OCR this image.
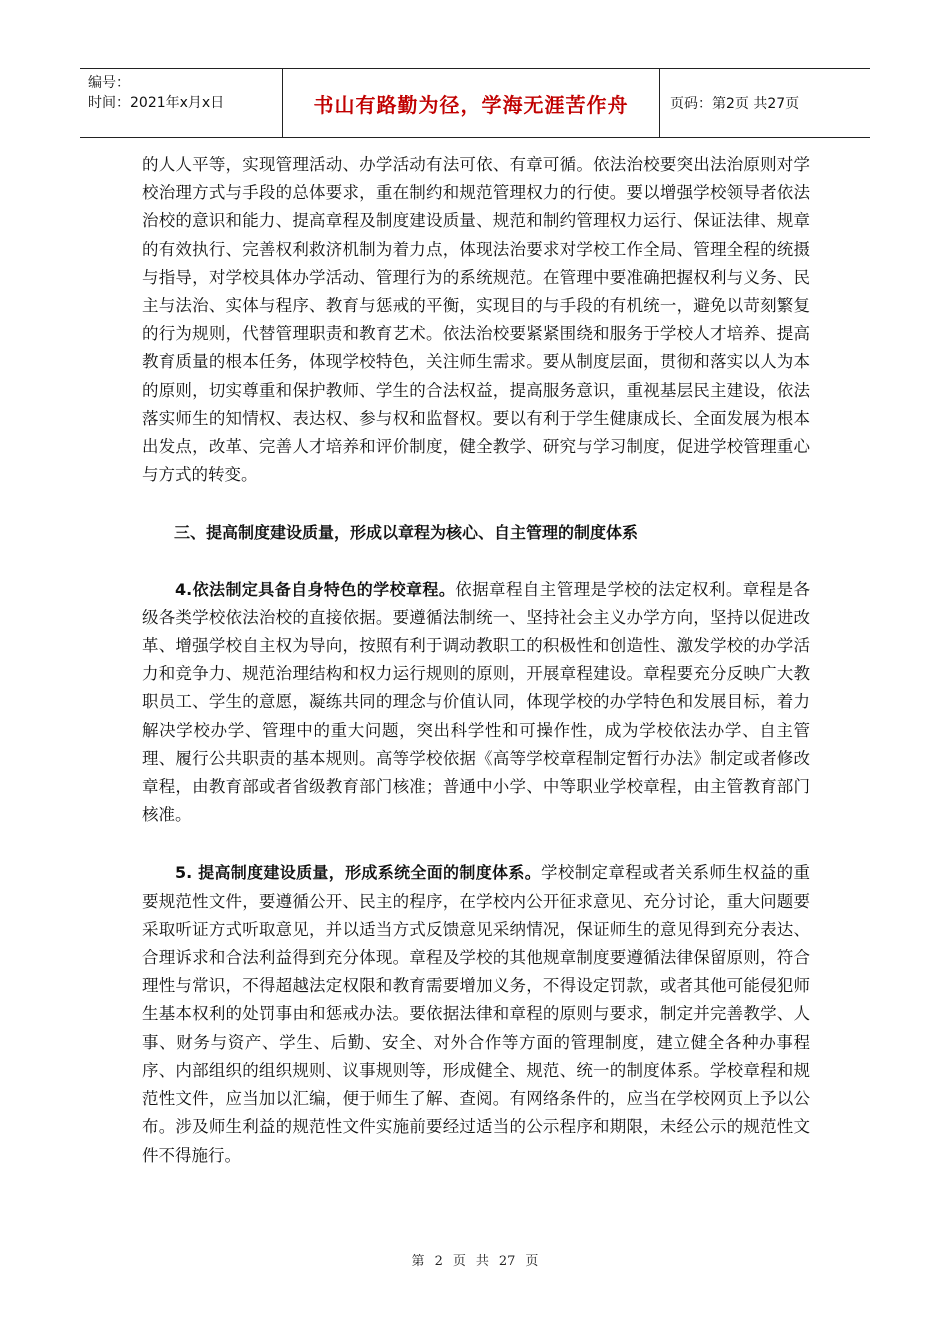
编号：
时间：2021年x月x日	书山有路勤为径，学海无涯苦作舟	页码：第2页 共27页

的人人平等，实现管理活动、办学活动有法可依、有章可循。依法治校要突出法治原则对学校治理方式与手段的总体要求，重在制约和规范管理权力的行使。要以增强学校领导者依法治校的意识和能力、提高章程及制度建设质量、规范和制约管理权力运行、保证法律、规章的有效执行、完善权利救济机制为着力点，体现法治要求对学校工作全局、管理全程的统摄与指导，对学校具体办学活动、管理行为的系统规范。在管理中要准确把握权利与义务、民主与法治、实体与程序、教育与惩戒的平衡，实现目的与手段的有机统一，避免以苛刻繁复的行为规则，代替管理职责和教育艺术。依法治校要紧紧围绕和服务于学校人才培养、提高教育质量的根本任务，体现学校特色，关注师生需求。要从制度层面，贯彻和落实以人为本的原则，切实尊重和保护教师、学生的合法权益，提高服务意识，重视基层民主建设，依法落实师生的知情权、表达权、参与权和监督权。要以有利于学生健康成长、全面发展为根本出发点，改革、完善人才培养和评价制度，健全教学、研究与学习制度，促进学校管理重心与方式的转变。

三、提高制度建设质量，形成以章程为核心、自主管理的制度体系

4.依法制定具备自身特色的学校章程。依据章程自主管理是学校的法定权利。章程是各级各类学校依法治校的直接依据。要遵循法制统一、坚持社会主义办学方向，坚持以促进改革、增强学校自主权为导向，按照有利于调动教职工的积极性和创造性、激发学校的办学活力和竞争力、规范治理结构和权力运行规则的原则，开展章程建设。章程要充分反映广大教职员工、学生的意愿，凝练共同的理念与价值认同，体现学校的办学特色和发展目标，着力解决学校办学、管理中的重大问题，突出科学性和可操作性，成为学校依法办学、自主管理、履行公共职责的基本规则。高等学校依据《高等学校章程制定暂行办法》制定或者修改章程，由教育部或者省级教育部门核准；普通中小学、中等职业学校章程，由主管教育部门核准。

5. 提高制度建设质量，形成系统全面的制度体系。学校制定章程或者关系师生权益的重要规范性文件，要遵循公开、民主的程序，在学校内公开征求意见、充分讨论，重大问题要采取听证方式听取意见，并以适当方式反馈意见采纳情况，保证师生的意见得到充分表达、合理诉求和合法利益得到充分体现。章程及学校的其他规章制度要遵循法律保留原则，符合理性与常识，不得超越法定权限和教育需要增加义务，不得设定罚款，或者其他可能侵犯师生基本权利的处罚事由和惩戒办法。要依据法律和章程的原则与要求，制定并完善教学、人事、财务与资产、学生、后勤、安全、对外合作等方面的管理制度，建立健全各种办事程序、内部组织的组织规则、议事规则等，形成健全、规范、统一的制度体系。学校章程和规范性文件，应当加以汇编，便于师生了解、查阅。有网络条件的，应当在学校网页上予以公布。涉及师生利益的规范性文件实施前要经过适当的公示程序和期限，未经公示的规范性文件不得施行。

第 2 页 共 27 页
